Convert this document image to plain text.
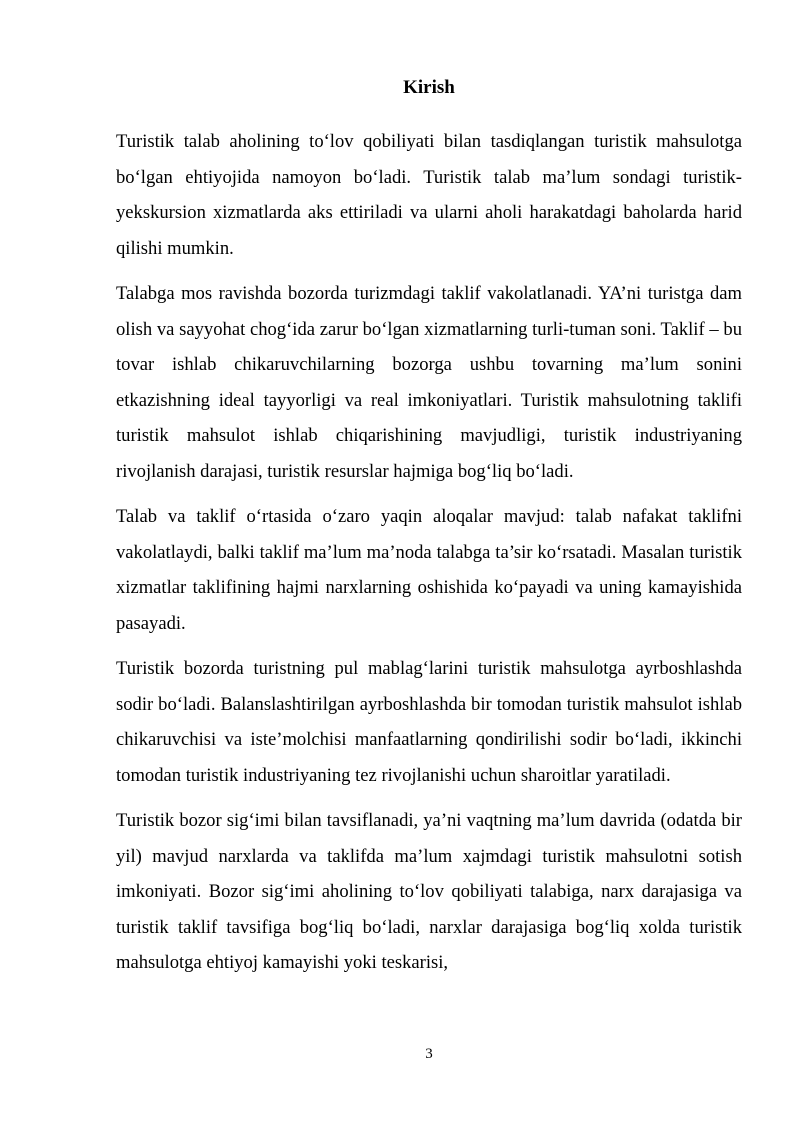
Kirish

Turistik talab aholining to‘lov qobiliyati bilan tasdiqlangan turistik mahsulotga bo‘lgan ehtiyojida namoyon bo‘ladi. Turistik talab ma’lum sondagi turistik-yekskursion xizmatlarda aks ettiriladi va ularni aholi harakatdagi baholarda harid qilishi mumkin.

Talabga mos ravishda bozorda turizmdagi taklif vakolatlanadi. YA’ni turistga dam olish va sayyohat chog‘ida zarur bo‘lgan xizmatlarning turli-tuman soni. Taklif – bu tovar ishlab chikaruvchilarning bozorga ushbu tovarning ma’lum sonini etkazishning ideal tayyorligi va real imkoniyatlari. Turistik mahsulotning taklifi turistik mahsulot ishlab chiqarishining mavjudligi, turistik industriyaning rivojlanish darajasi, turistik resurslar hajmiga bog‘liq bo‘ladi.

Talab va taklif o‘rtasida o‘zaro yaqin aloqalar mavjud: talab nafakat taklifni vakolatlaydi, balki taklif ma’lum ma’noda talabga ta’sir ko‘rsatadi. Masalan turistik xizmatlar taklifining hajmi narxlarning oshishida ko‘payadi va uning kamayishida pasayadi.

Turistik bozorda turistning pul mablag‘larini turistik mahsulotga ayrboshlashda sodir bo‘ladi. Balanslashtirilgan ayrboshlashda bir tomodan turistik mahsulot ishlab chikaruvchisi va iste’molchisi manfaatlarning qondirilishi sodir bo‘ladi, ikkinchi tomodan turistik industriyaning tez rivojlanishi uchun sharoitlar yaratiladi.

Turistik bozor sig‘imi bilan tavsiflanadi, ya’ni vaqtning ma’lum davrida (odatda bir yil) mavjud narxlarda va taklifda ma’lum xajmdagi turistik mahsulotni sotish imkoniyati. Bozor sig‘imi aholining to‘lov qobiliyati talabiga, narx darajasiga va turistik taklif tavsifiga bog‘liq bo‘ladi, narxlar darajasiga bog‘liq xolda turistik mahsulotga ehtiyoj kamayishi yoki teskarisi,

3
